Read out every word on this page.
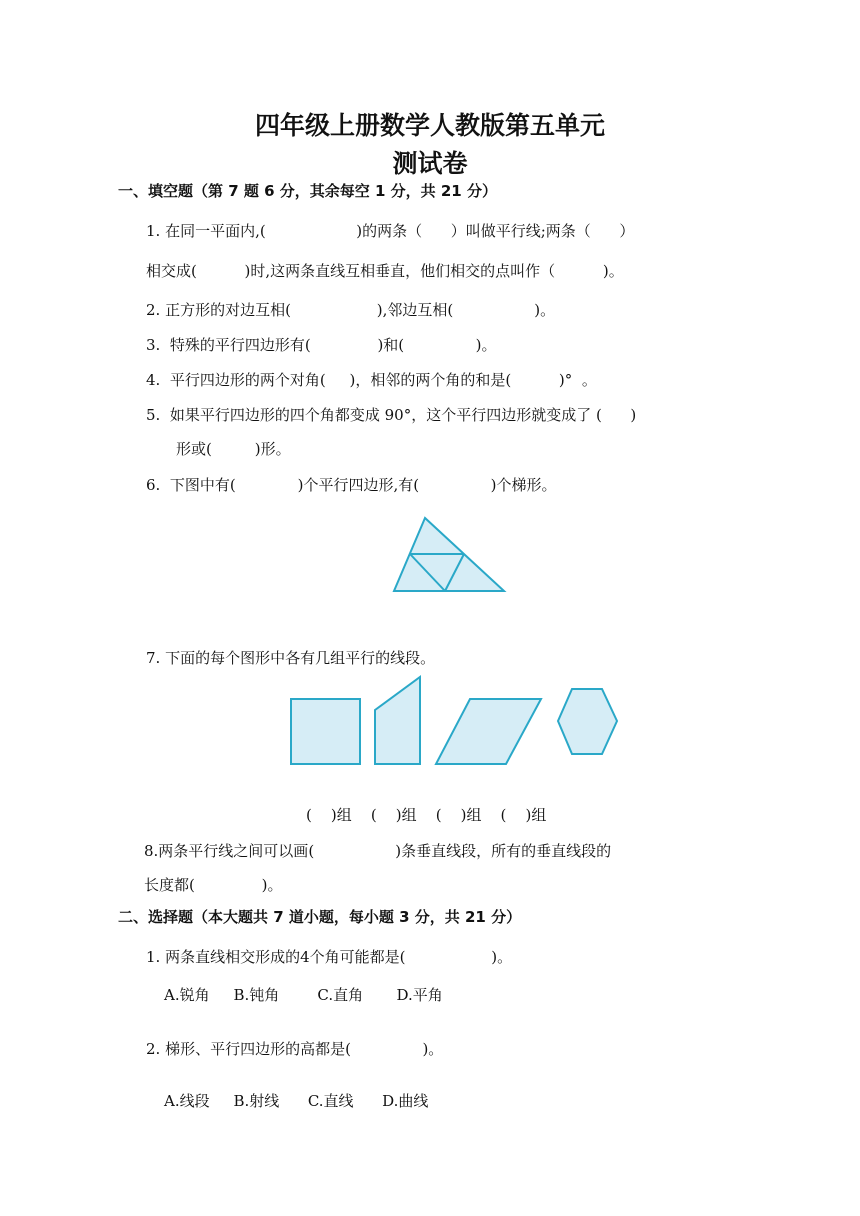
四年级上册数学人教版第五单元
测试卷
一、填空题（第 7 题 6 分，其余每空 1 分，共 21 分）
1. 在同一平面内,(                   )的两条（      ）叫做平行线;两条（      ）
相交成(          )时,这两条直线互相垂直，他们相交的点叫作（          )。
2. 正方形的对边互相(                  ),邻边互相(                 )。
3.  特殊的平行四边形有(              )和(               )。
4.  平行四边形的两个对角(     )，相邻的两个角的和是(          )°  。
5.  如果平行四边形的四个角都变成 90°，这个平行四边形就变成了 (      )
形或(         )形。
6.  下图中有(             )个平行四边形,有(               )个梯形。
7. 下面的每个图形中各有几组平行的线段。
(    )组    (    )组    (    )组    (    )组
8.两条平行线之间可以画(                 )条垂直线段，所有的垂直线段的
长度都(              )。
二、选择题（本大题共 7 道小题，每小题 3 分，共 21 分）
1. 两条直线相交形成的4个角可能都是(                  )。
A.锐角     B.钝角        C.直角       D.平角
2. 梯形、平行四边形的高都是(               )。
A.线段     B.射线      C.直线      D.曲线
